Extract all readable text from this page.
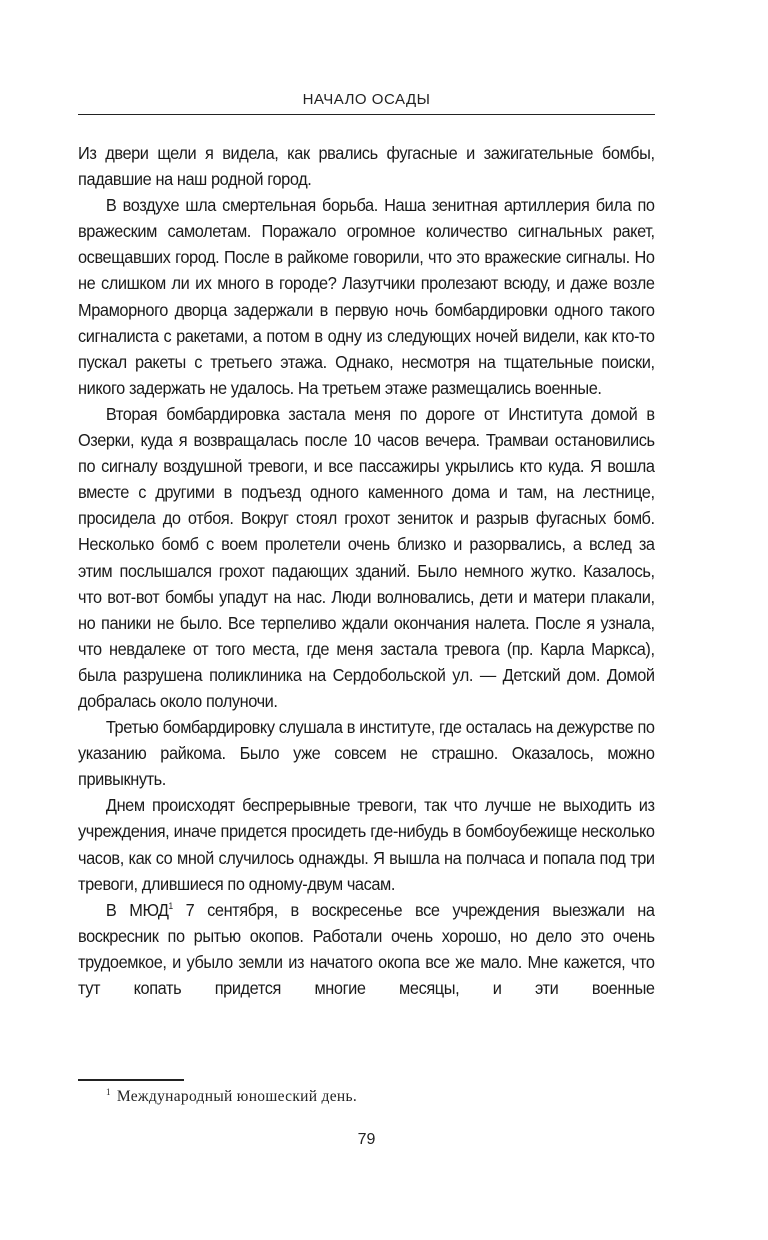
НАЧАЛО ОСАДЫ

Из двери щели я видела, как рвались фугасные и зажигательные бомбы, падавшие на наш родной город.

В воздухе шла смертельная борьба. Наша зенитная артиллерия била по вражеским самолетам. Поражало огромное количество сигнальных ракет, освещавших город. После в райкоме говорили, что это вражеские сигналы. Но не слишком ли их много в городе? Лазутчики пролезают всюду, и даже возле Мраморного дворца задержали в первую ночь бомбардировки одного такого сигналиста с ракетами, а потом в одну из следующих ночей видели, как кто-то пускал ракеты с третьего этажа. Однако, несмотря на тщательные поиски, никого задержать не удалось. На третьем этаже размещались военные.

Вторая бомбардировка застала меня по дороге от Института домой в Озерки, куда я возвращалась после 10 часов вечера. Трамваи остановились по сигналу воздушной тревоги, и все пассажиры укрылись кто куда. Я вошла вместе с другими в подъезд одного каменного дома и там, на лестнице, просидела до отбоя. Вокруг стоял грохот зениток и разрыв фугасных бомб. Несколько бомб с воем пролетели очень близко и разорвались, а вслед за этим послышался грохот падающих зданий. Было немного жутко. Казалось, что вот-вот бомбы упадут на нас. Люди волновались, дети и матери плакали, но паники не было. Все терпеливо ждали окончания налета. После я узнала, что невдалеке от того места, где меня застала тревога (пр. Карла Маркса), была разрушена поликлиника на Сердобольской ул. — Детский дом. Домой добралась около полуночи.

Третью бомбардировку слушала в институте, где осталась на дежурстве по указанию райкома. Было уже совсем не страшно. Оказалось, можно привыкнуть.

Днем происходят беспрерывные тревоги, так что лучше не выходить из учреждения, иначе придется просидеть где-нибудь в бомбоубежище несколько часов, как со мной случилось однажды. Я вышла на полчаса и попала под три тревоги, длившиеся по одному-двум часам.

В МЮД$^1$ 7 сентября, в воскресенье все учреждения выезжали на воскресник по рытью окопов. Работали очень хорошо, но дело это очень трудоемкое, и убыло земли из начатого окопа все же мало. Мне кажется, что тут копать придется многие месяцы, и эти военные

$^1$ Международный юношеский день.
79
